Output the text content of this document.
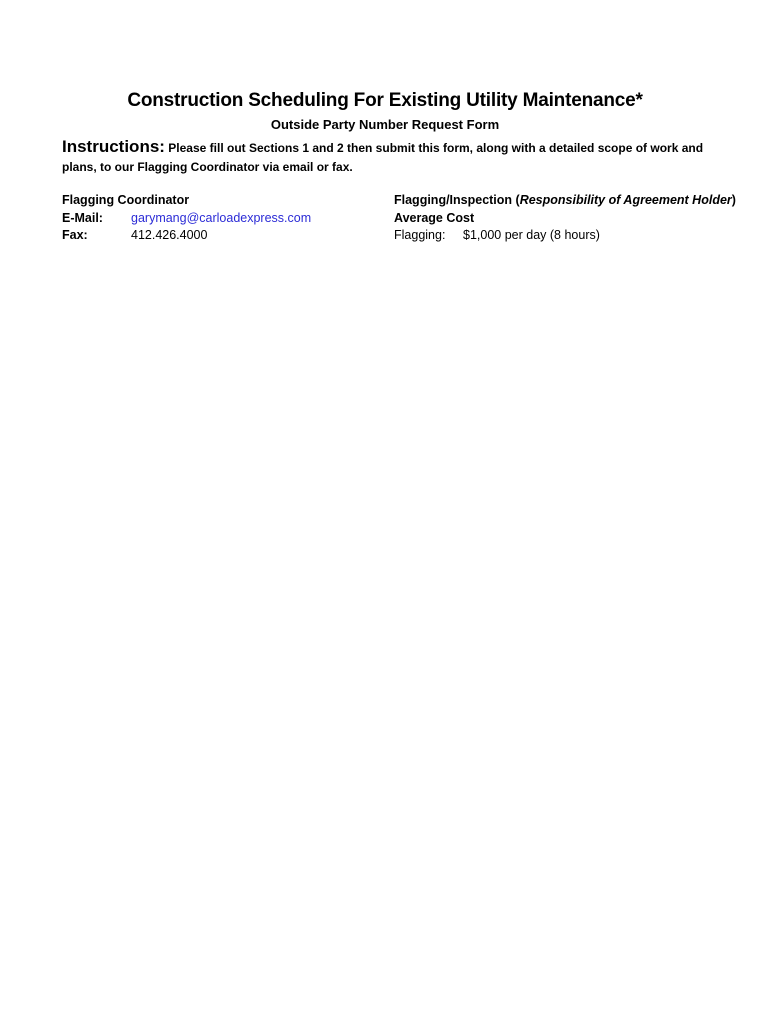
Construction Scheduling For Existing Utility Maintenance*
Outside Party Number Request Form
Instructions: Please fill out Sections 1 and 2 then submit this form, along with a detailed scope of work and plans, to our Flagging Coordinator via email or fax.
Flagging Coordinator
E-Mail: garymang@carloadexpress.com
Fax:	412.426.4000
Flagging/Inspection (Responsibility of Agreement Holder)
Average Cost
Flagging: $1,000 per day (8 hours)
